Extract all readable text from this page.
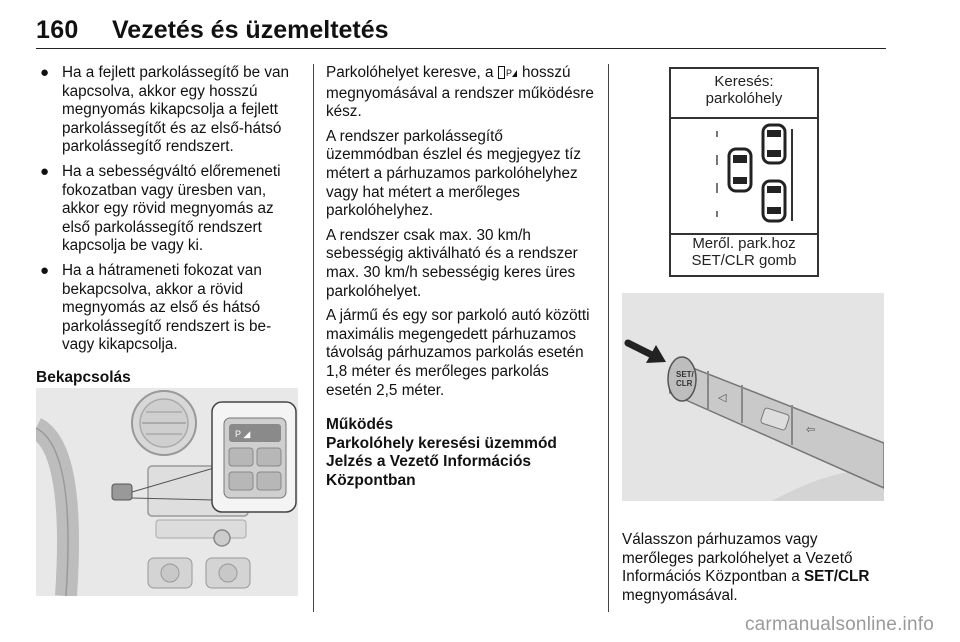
160 Vezetés és üzemeltetés
● Ha a fejlett parkolássegítő be van kapcsolva, akkor egy hosszú megnyomás kikapcsolja a fejlett parkolássegítőt és az első-hátsó parkolássegítő rendszert.
● Ha a sebességváltó előremeneti fokozatban vagy üresben van, akkor egy rövid megnyomás az első parkolássegítő rendszert kapcsolja be vagy ki.
● Ha a hátrameneti fokozat van bekapcsolva, akkor a rövid megnyomás az első és hátsó parkolássegítő rendszert is be- vagy kikapcsolja.
Bekapcsolás
P ◢

Parkolóhelyet keresve, a P hosszú megnyomásával a rendszer működésre kész.

A rendszer parkolássegítő üzemmódban észlel és megjegyez tíz métert a párhuzamos parkolóhelyhez vagy hat métert a merőleges parkolóhelyhez.

A rendszer csak max. 30 km/h sebességig aktiválható és a rendszer max. 30 km/h sebességig keres üres parkolóhelyet.

A jármű és egy sor parkoló autó közötti maximális megengedett párhuzamos távolság párhuzamos parkolás esetén 1,8 méter és merőleges parkolás esetén 2,5 méter.

Működés
Parkolóhely keresési üzemmód
Jelzés a Vezető Információs
Központban
Keresés:
parkolóhely
Meről. park.hoz
SET/CLR gomb
SET/
CLR
◁
⇦

Válasszon párhuzamos vagy merőleges parkolóhelyet a Vezető Információs Központban a SET/CLR megnyomásával.

carmanualsonline.info
